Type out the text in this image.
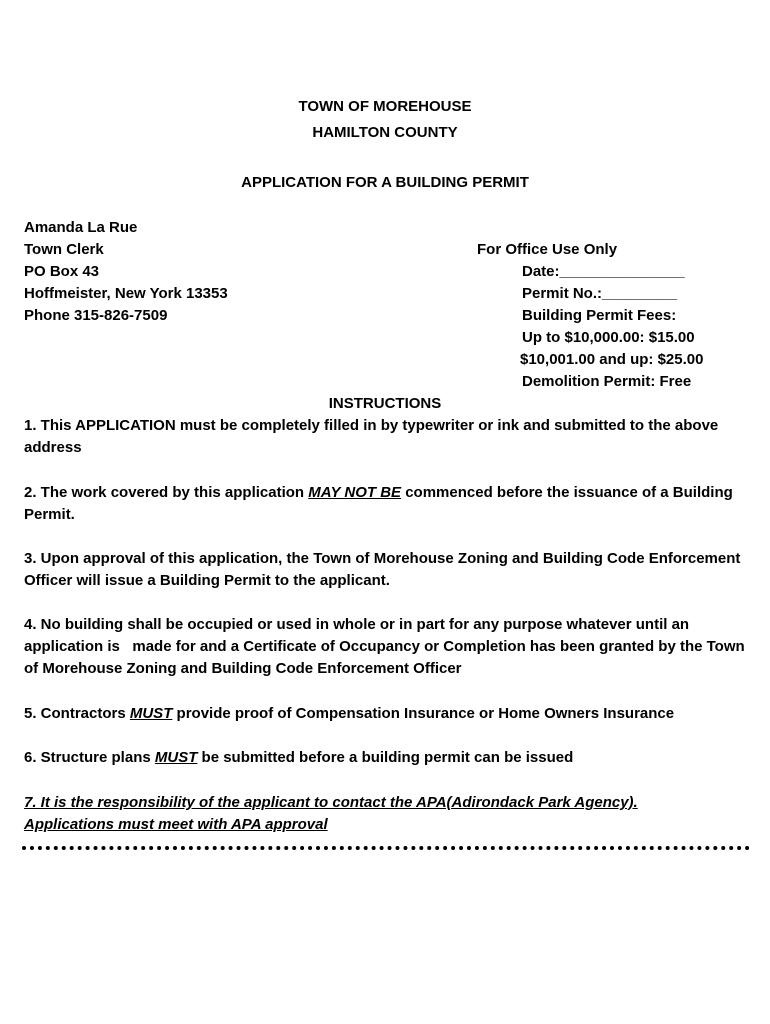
TOWN OF MOREHOUSE
HAMILTON COUNTY
APPLICATION FOR A BUILDING PERMIT
Amanda La Rue
Town Clerk
PO Box 43
Hoffmeister, New York 13353
Phone 315-826-7509
For Office Use Only
Date:_______________
Permit No.:_________
Building Permit Fees:
Up to $10,000.00: $15.00
$10,001.00 and up: $25.00
Demolition Permit: Free
INSTRUCTIONS
1. This APPLICATION must be completely filled in by typewriter or ink and submitted to the above address
2. The work covered by this application MAY NOT BE commenced before the issuance of a Building Permit.
3. Upon approval of this application, the Town of Morehouse Zoning and Building Code Enforcement Officer will issue a Building Permit to the applicant.
4. No building shall be occupied or used in whole or in part for any purpose whatever until an application is   made for and a Certificate of Occupancy or Completion has been granted by the Town of Morehouse Zoning and Building Code Enforcement Officer
5. Contractors MUST provide proof of Compensation Insurance or Home Owners Insurance
6. Structure plans MUST be submitted before a building permit can be issued
7. It is the responsibility of the applicant to contact the APA(Adirondack Park Agency).
Applications must meet with APA approval
